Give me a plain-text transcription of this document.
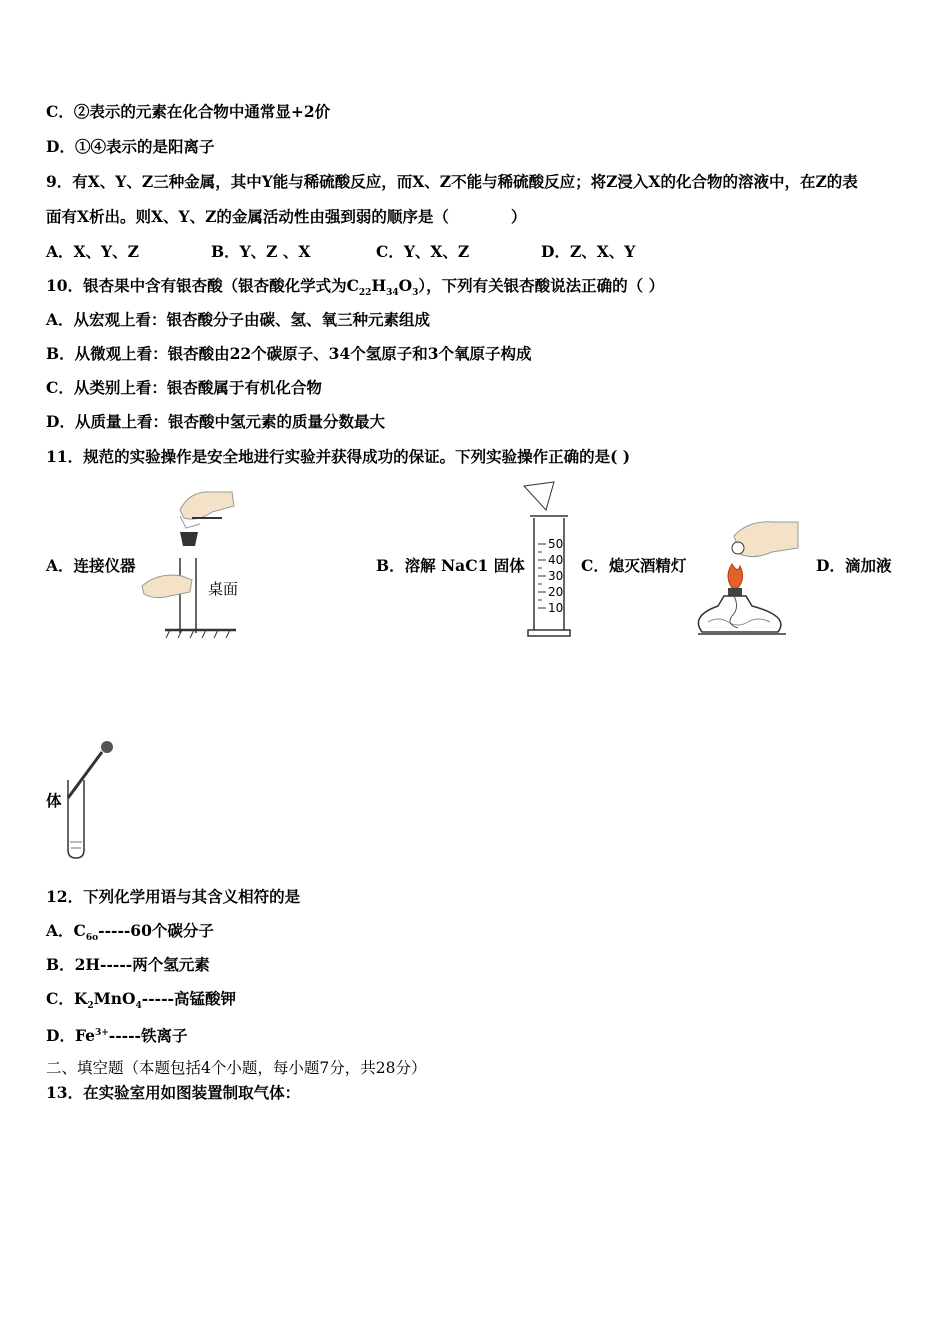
C．②表示的元素在化合物中通常显+2价
D．①④表示的是阳离子
9．有X、Y、Z三种金属，其中Y能与稀硫酸反应，而X、Z不能与稀硫酸反应；将Z浸入X的化合物的溶液中，在Z的表
面有X析出。则X、Y、Z的金属活动性由强到弱的顺序是（　　　　）
A．X、Y、Z	B．Y、Z 、X	C．Y、X、Z	D．Z、X、Y
10．银杏果中含有银杏酸（银杏酸化学式为$C_{22}H_{34}O_3$），下列有关银杏酸说法正确的（ ）
A．从宏观上看：银杏酸分子由碳、氢、氧三种元素组成
B．从微观上看：银杏酸由22个碳原子、34个氢原子和3个氧原子构成
C．从类别上看：银杏酸属于有机化合物
D．从质量上看：银杏酸中氢元素的质量分数最大
11．规范的实验操作是安全地进行实验并获得成功的保证。下列实验操作正确的是( )
A．连接仪器
桌面
B．溶解 NaC1 固体
50
40
30
20
10
C．熄灭酒精灯	D．滴加液
体
12．下列化学用语与其含义相符的是
A．$C_{6o}-----60$个碳分子
B．2H-----两个氢元素
C．$K_2MnO_4-----$高锰酸钾
D．$Fe^{3+}-----$铁离子
二、填空题（本题包括4个小题，每小题7分，共28分）
13．在实验室用如图装置制取气体：
